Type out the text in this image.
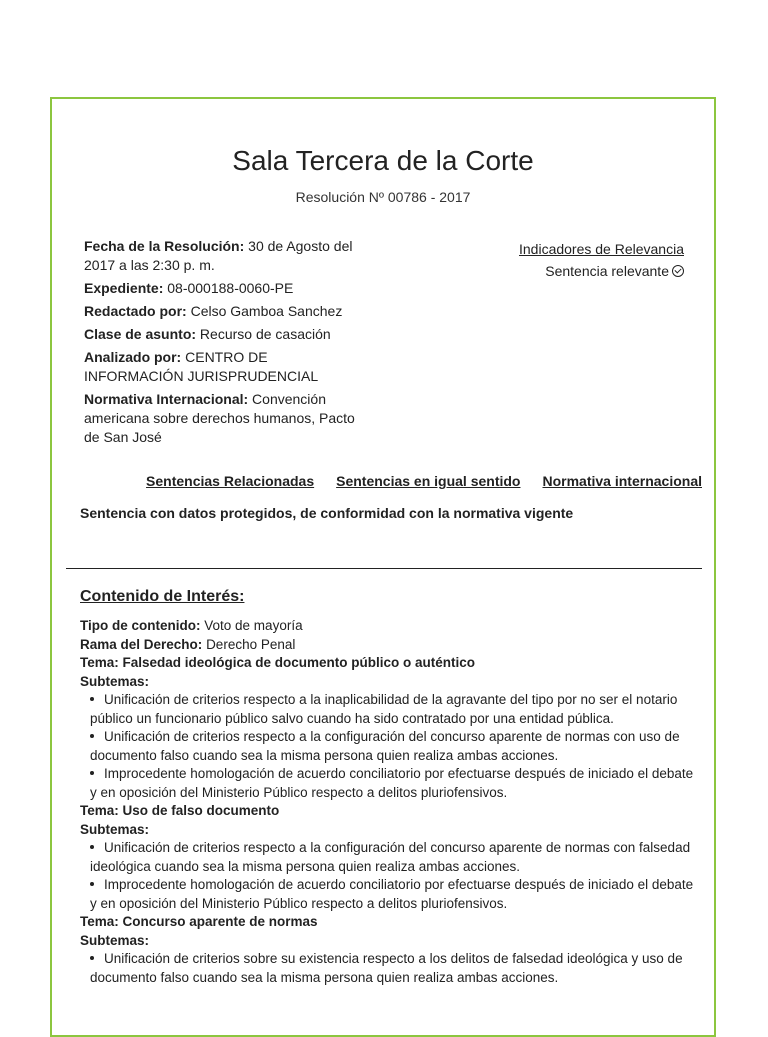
Sala Tercera de la Corte
Resolución Nº 00786 - 2017
Fecha de la Resolución: 30 de Agosto del 2017 a las 2:30 p. m.
Expediente: 08-000188-0060-PE
Redactado por: Celso Gamboa Sanchez
Clase de asunto: Recurso de casación
Analizado por: CENTRO DE INFORMACIÓN JURISPRUDENCIAL
Normativa Internacional: Convención americana sobre derechos humanos, Pacto de San José
Indicadores de Relevancia
Sentencia relevante
Sentencias Relacionadas Sentencias en igual sentido Normativa internacional
Sentencia con datos protegidos, de conformidad con la normativa vigente
Contenido de Interés:
Tipo de contenido: Voto de mayoría
Rama del Derecho: Derecho Penal
Tema: Falsedad ideológica de documento público o auténtico
Subtemas:
Unificación de criterios respecto a la inaplicabilidad de la agravante del tipo por no ser el notario público un funcionario público salvo cuando ha sido contratado por una entidad pública.
Unificación de criterios respecto a la configuración del concurso aparente de normas con uso de documento falso cuando sea la misma persona quien realiza ambas acciones.
Improcedente homologación de acuerdo conciliatorio por efectuarse después de iniciado el debate y en oposición del Ministerio Público respecto a delitos pluriofensivos.
Tema: Uso de falso documento
Subtemas:
Unificación de criterios respecto a la configuración del concurso aparente de normas con falsedad ideológica cuando sea la misma persona quien realiza ambas acciones.
Improcedente homologación de acuerdo conciliatorio por efectuarse después de iniciado el debate y en oposición del Ministerio Público respecto a delitos pluriofensivos.
Tema: Concurso aparente de normas
Subtemas:
Unificación de criterios sobre su existencia respecto a los delitos de falsedad ideológica y uso de documento falso cuando sea la misma persona quien realiza ambas acciones.
